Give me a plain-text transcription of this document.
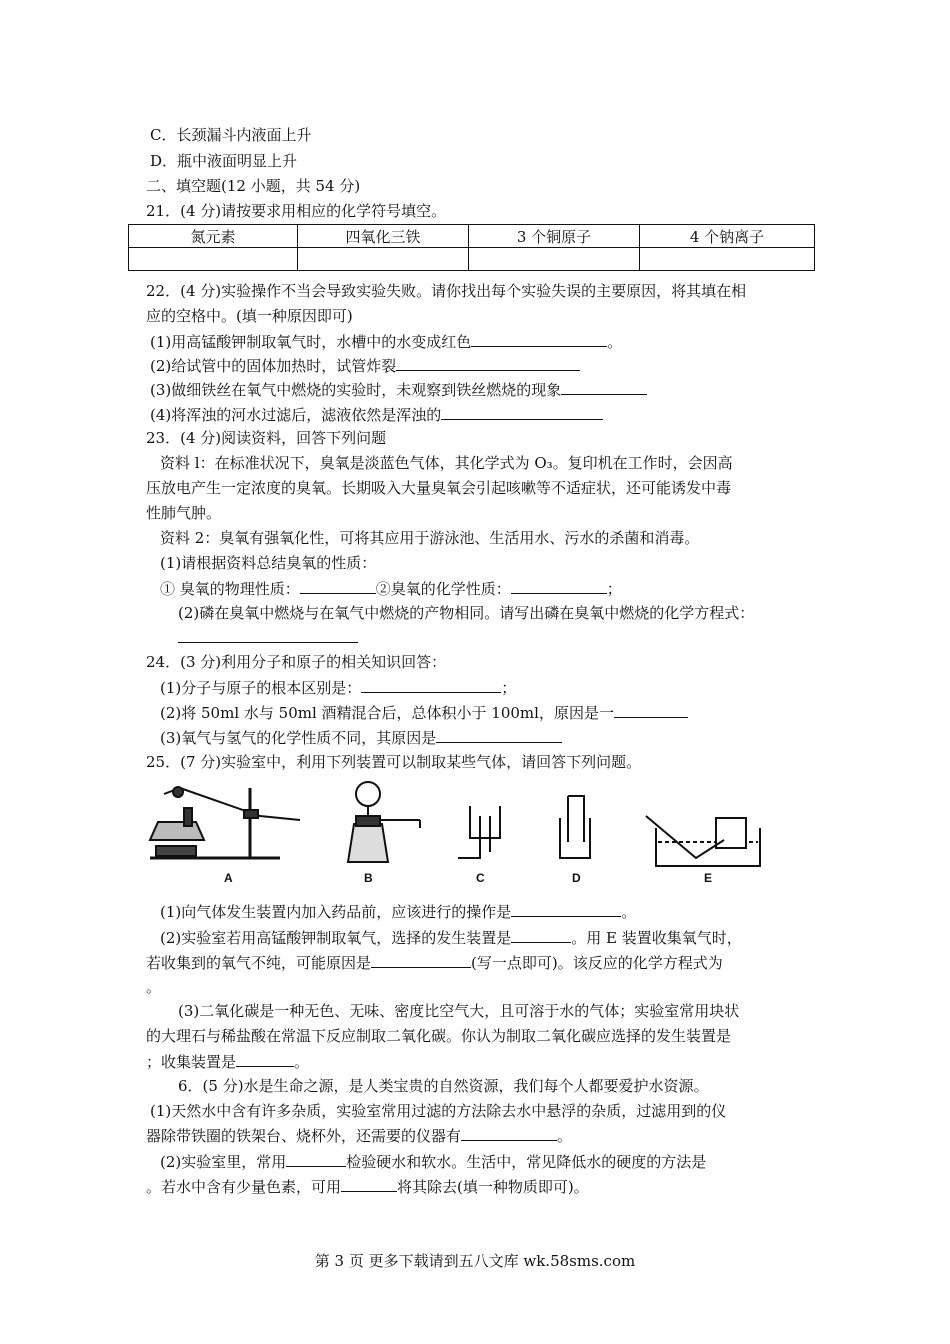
C．长颈漏斗内液面上升
D．瓶中液面明显上升
二、填空题(12 小题，共 54 分)
21．(4 分)请按要求用相应的化学符号填空。
氮元素	四氧化三铁	3 个铜原子	4 个钠离子

22．(4 分)实验操作不当会导致实验失败。请你找出每个实验失误的主要原因，将其填在相
应的空格中。(填一种原因即可)
(1)用高锰酸钾制取氧气时，水槽中的水变成红色	。
(2)给试管中的固体加热时，试管炸裂
(3)做细铁丝在氧气中燃烧的实验时，未观察到铁丝燃烧的现象
(4)将浑浊的河水过滤后，滤液依然是浑浊的
23．(4 分)阅读资料，回答下列问题
资料 l：在标准状况下，臭氧是淡蓝色气体，其化学式为 O₃。复印机在工作时，会因高
压放电产生一定浓度的臭氧。长期吸入大量臭氧会引起咳嗽等不适症状，还可能诱发中毒
性肺气肿。
资料 2：臭氧有强氧化性，可将其应用于游泳池、生活用水、污水的杀菌和消毒。
(1)请根据资料总结臭氧的性质：
① 臭氧的物理性质：	②臭氧的化学性质：	；
(2)磷在臭氧中燃烧与在氧气中燃烧的产物相同。请写出磷在臭氧中燃烧的化学方程式：
24．(3 分)利用分子和原子的相关知识回答：
(1)分子与原子的根本区别是：	；
(2)将 50ml 水与 50ml 酒精混合后，总体积小于 100ml，原因是一
(3)氧气与氢气的化学性质不同，其原因是
25．(7 分)实验室中，利用下列装置可以制取某些气体，请回答下列问题。
A	B	C	D	E
(1)向气体发生装置内加入药品前，应该进行的操作是	。
(2)实验室若用高锰酸钾制取氧气，选择的发生装置是	。用 E 装置收集氧气时，
若收集到的氧气不纯，可能原因是	(写一点即可)。该反应的化学方程式为
。
(3)二氧化碳是一种无色、无味、密度比空气大，且可溶于水的气体；实验室常用块状
的大理石与稀盐酸在常温下反应制取二氧化碳。你认为制取二氧化碳应选择的发生装置是
；收集装置是	。
6．(5 分)水是生命之源，是人类宝贵的自然资源，我们每个人都要爱护水资源。
(1)天然水中含有许多杂质，实验室常用过滤的方法除去水中悬浮的杂质，过滤用到的仪
器除带铁圈的铁架台、烧杯外，还需要的仪器有	。
(2)实验室里，常用	检验硬水和软水。生活中，常见降低水的硬度的方法是
。若水中含有少量色素，可用	将其除去(填一种物质即可)。
第 3 页 更多下载请到五八文库 wk.58sms.com
